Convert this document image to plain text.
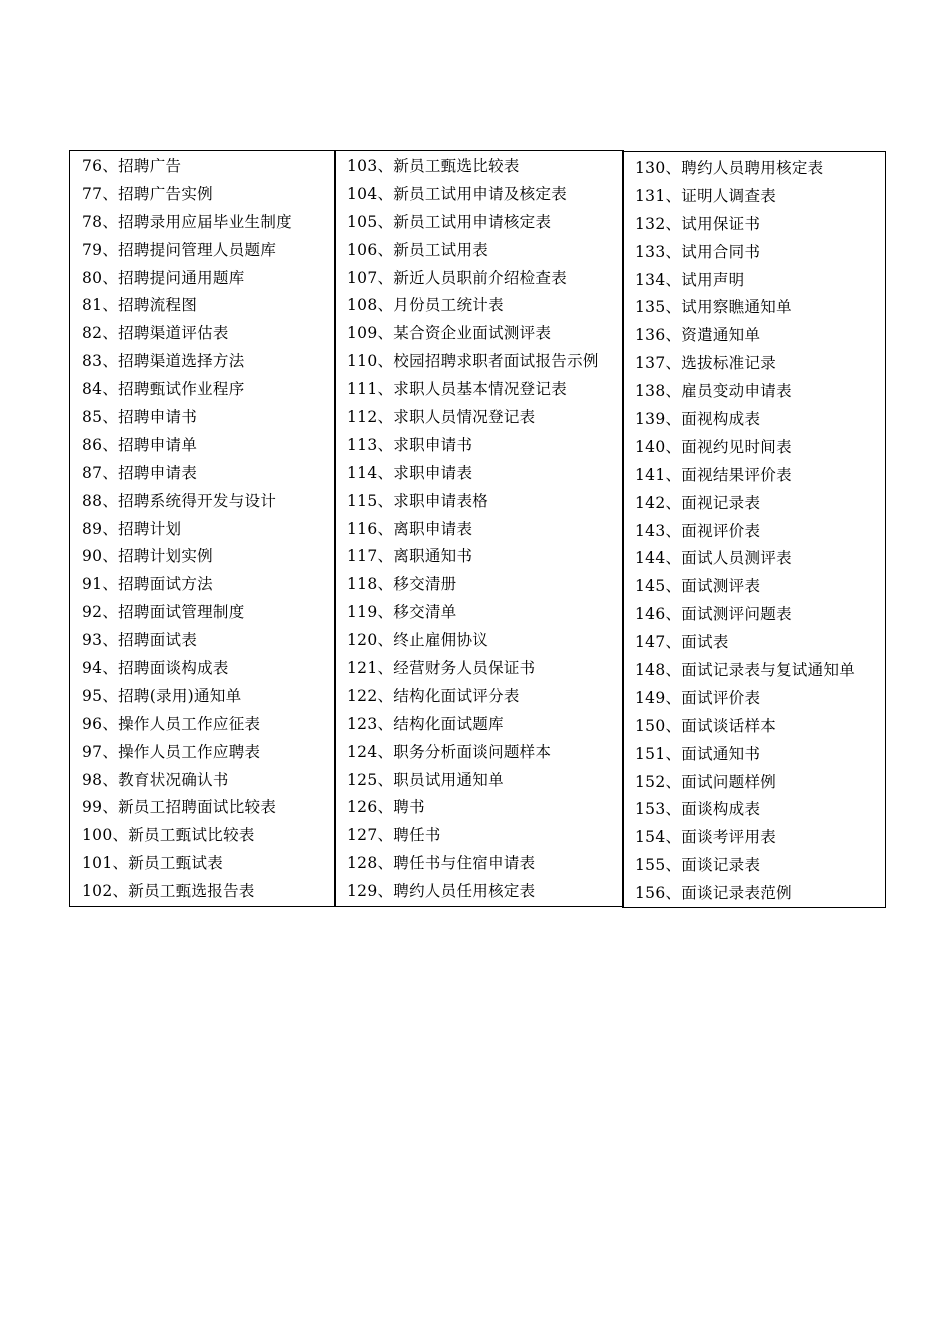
76、招聘广告
77、招聘广告实例
78、招聘录用应届毕业生制度
79、招聘提问管理人员题库
80、招聘提问通用题库
81、招聘流程图
82、招聘渠道评估表
83、招聘渠道选择方法
84、招聘甄试作业程序
85、招聘申请书
86、招聘申请单
87、招聘申请表
88、招聘系统得开发与设计
89、招聘计划
90、招聘计划实例
91、招聘面试方法
92、招聘面试管理制度
93、招聘面试表
94、招聘面谈构成表
95、招聘(录用)通知单
96、操作人员工作应征表
97、操作人员工作应聘表
98、教育状况确认书
99、新员工招聘面试比较表
100、新员工甄试比较表
101、新员工甄试表
102、新员工甄选报告表
103、新员工甄选比较表
104、新员工试用申请及核定表
105、新员工试用申请核定表
106、新员工试用表
107、新近人员职前介绍检查表
108、月份员工统计表
109、某合资企业面试测评表
110、校园招聘求职者面试报告示例
111、求职人员基本情况登记表
112、求职人员情况登记表
113、求职申请书
114、求职申请表
115、求职申请表格
116、离职申请表
117、离职通知书
118、移交清册
119、移交清单
120、终止雇佣协议
121、经营财务人员保证书
122、结构化面试评分表
123、结构化面试题库
124、职务分析面谈问题样本
125、职员试用通知单
126、聘书
127、聘任书
128、聘任书与住宿申请表
129、聘约人员任用核定表
130、聘约人员聘用核定表
131、证明人调查表
132、试用保证书
133、试用合同书
134、试用声明
135、试用察瞧通知单
136、资遣通知单
137、选拔标准记录
138、雇员变动申请表
139、面视构成表
140、面视约见时间表
141、面视结果评价表
142、面视记录表
143、面视评价表
144、面试人员测评表
145、面试测评表
146、面试测评问题表
147、面试表
148、面试记录表与复试通知单
149、面试评价表
150、面试谈话样本
151、面试通知书
152、面试问题样例
153、面谈构成表
154、面谈考评用表
155、面谈记录表
156、面谈记录表范例
